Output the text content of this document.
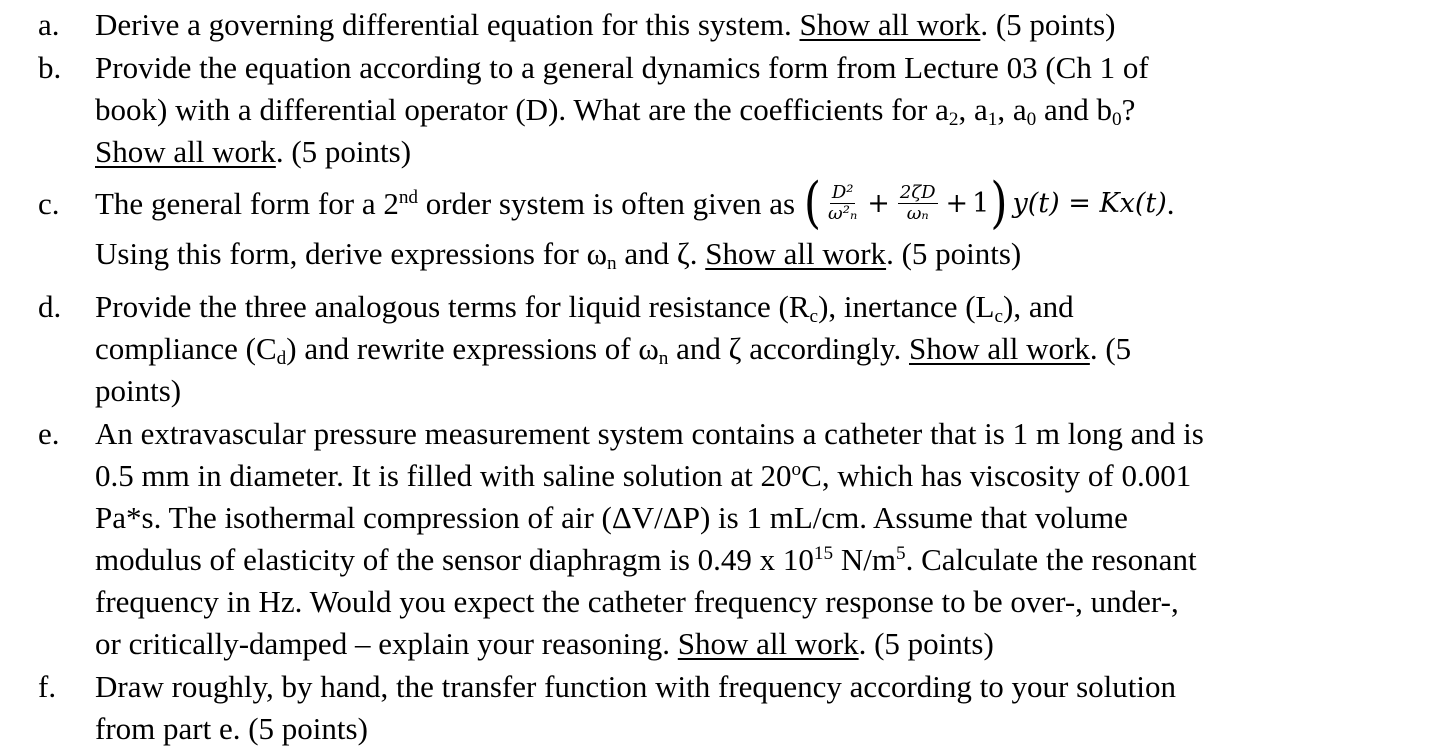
a. Derive a governing differential equation for this system. Show all work. (5 points)
b. Provide the equation according to a general dynamics form from Lecture 03 (Ch 1 of
book) with a differential operator (D). What are the coefficients for a2, a1, a0 and b0?
Show all work. (5 points)
c. The general form for a 2nd order system is often given as ( $\frac{\text{D²}}{\text{ω²ₙ}} + \frac{2\zeta D}{\text{ωₙ}} + 1$ ) y(t) = Kx(t) .
Using this form, derive expressions for ωn and ζ. Show all work. (5 points)
d. Provide the three analogous terms for liquid resistance (Rc), inertance (Lc), and
compliance (Cd) and rewrite expressions of ωn and ζ accordingly. Show all work. (5
points)
e. An extravascular pressure measurement system contains a catheter that is 1 m long and is
0.5 mm in diameter. It is filled with saline solution at 20$^o$C, which has viscosity of 0.001
Pa*s. The isothermal compression of air (ΔV/ΔP) is 1 mL/cm. Assume that volume
modulus of elasticity of the sensor diaphragm is 0.49 x $10^{15}$ $N/m^5$. Calculate the resonant
frequency in Hz. Would you expect the catheter frequency response to be over-, under-,
or critically-damped – explain your reasoning. Show all work. (5 points)
f. Draw roughly, by hand, the transfer function with frequency according to your solution
from part e. (5 points)
